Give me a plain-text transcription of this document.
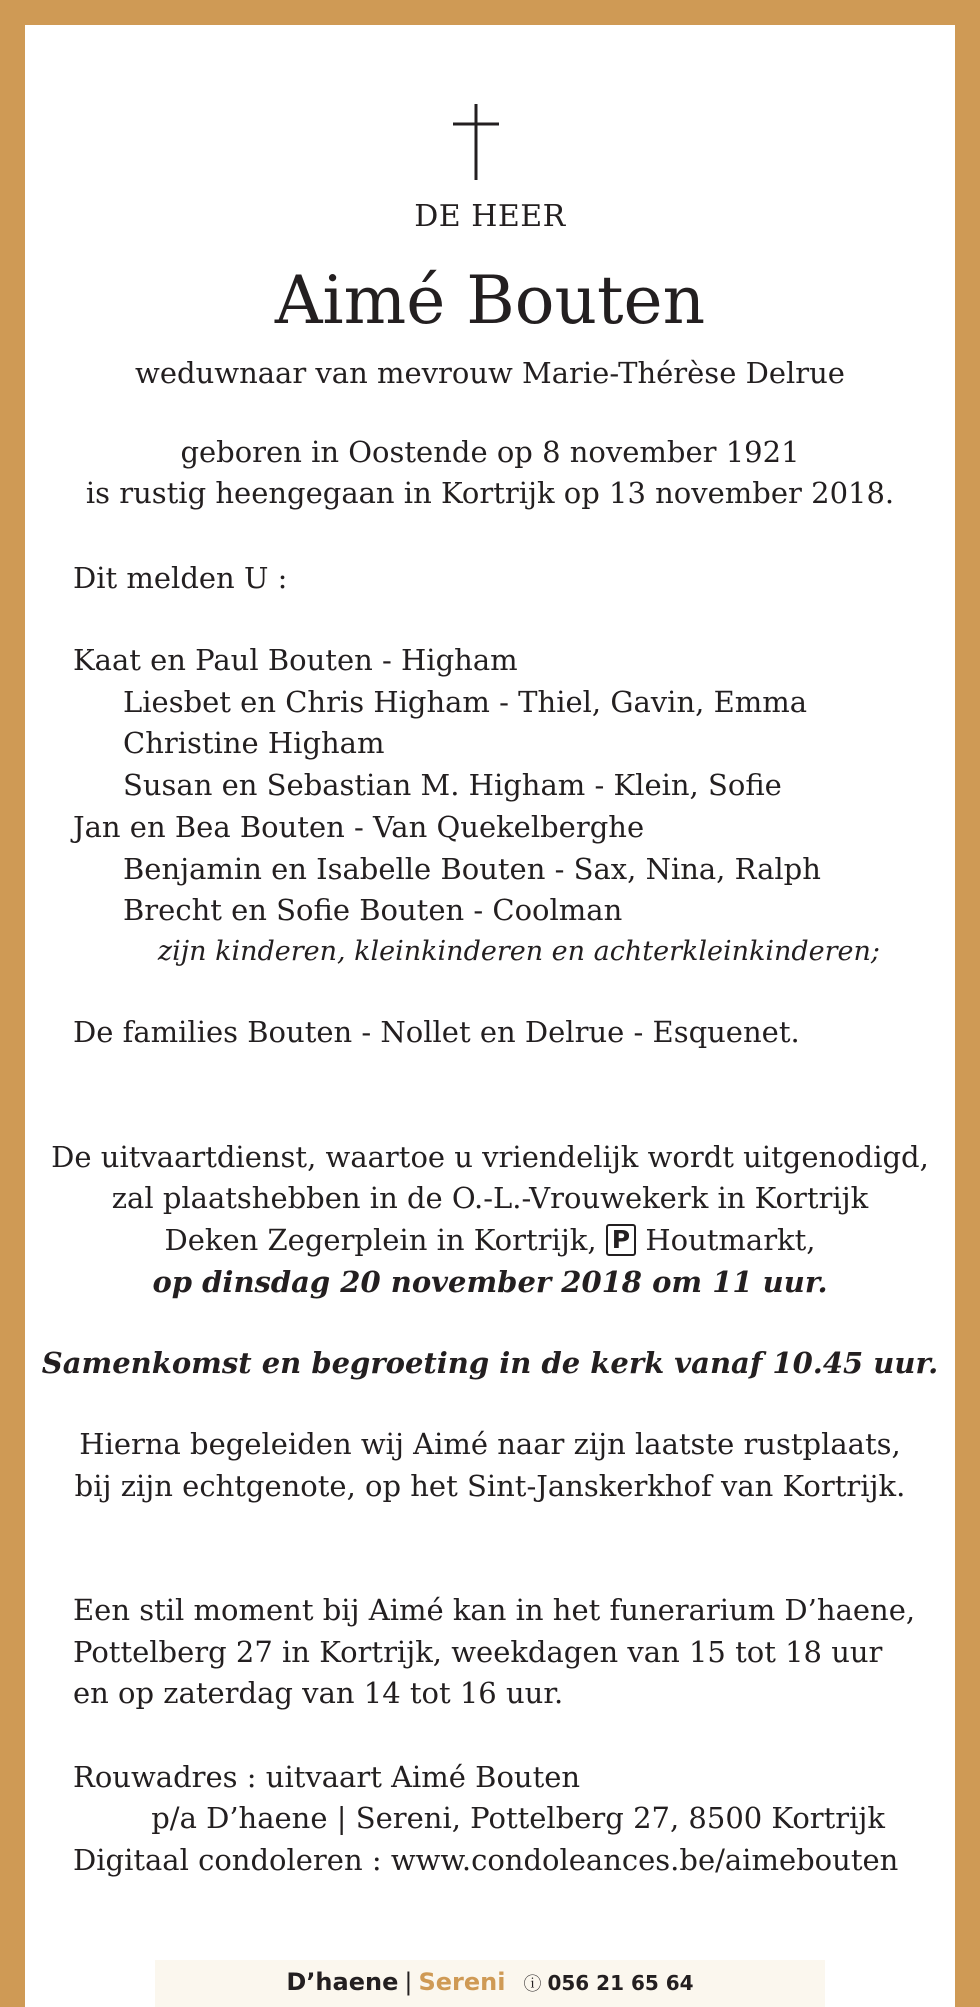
DE HEER
Aimé Bouten
weduwnaar van mevrouw Marie-Thérèse Delrue
geboren in Oostende op 8 november 1921
is rustig heengegaan in Kortrijk op 13 november 2018.
Dit melden U :
Kaat en Paul Bouten - Higham
Liesbet en Chris Higham - Thiel, Gavin, Emma
Christine Higham
Susan en Sebastian M. Higham - Klein, Sofie
Jan en Bea Bouten - Van Quekelberghe
Benjamin en Isabelle Bouten - Sax, Nina, Ralph
Brecht en Sofie Bouten - Coolman
zijn kinderen, kleinkinderen en achterkleinkinderen;
De families Bouten - Nollet en Delrue - Esquenet.
De uitvaartdienst, waartoe u vriendelijk wordt uitgenodigd,
zal plaatshebben in de O.-L.-Vrouwekerk in Kortrijk
Deken Zegerplein in Kortrijk, P Houtmarkt,
op dinsdag 20 november 2018 om 11 uur.
Samenkomst en begroeting in de kerk vanaf 10.45 uur.
Hierna begeleiden wij Aimé naar zijn laatste rustplaats,
bij zijn echtgenote, op het Sint-Janskerkhof van Kortrijk.
Een stil moment bij Aimé kan in het funerarium D’haene,
Pottelberg 27 in Kortrijk, weekdagen van 15 tot 18 uur
en op zaterdag van 14 tot 16 uur.
Rouwadres : uitvaart Aimé Bouten
p/a D’haene | Sereni, Pottelberg 27, 8500 Kortrijk
Digitaal condoleren : www.condoleances.be/aimebouten
D’haene | Sereni ⓘ 056 21 65 64
